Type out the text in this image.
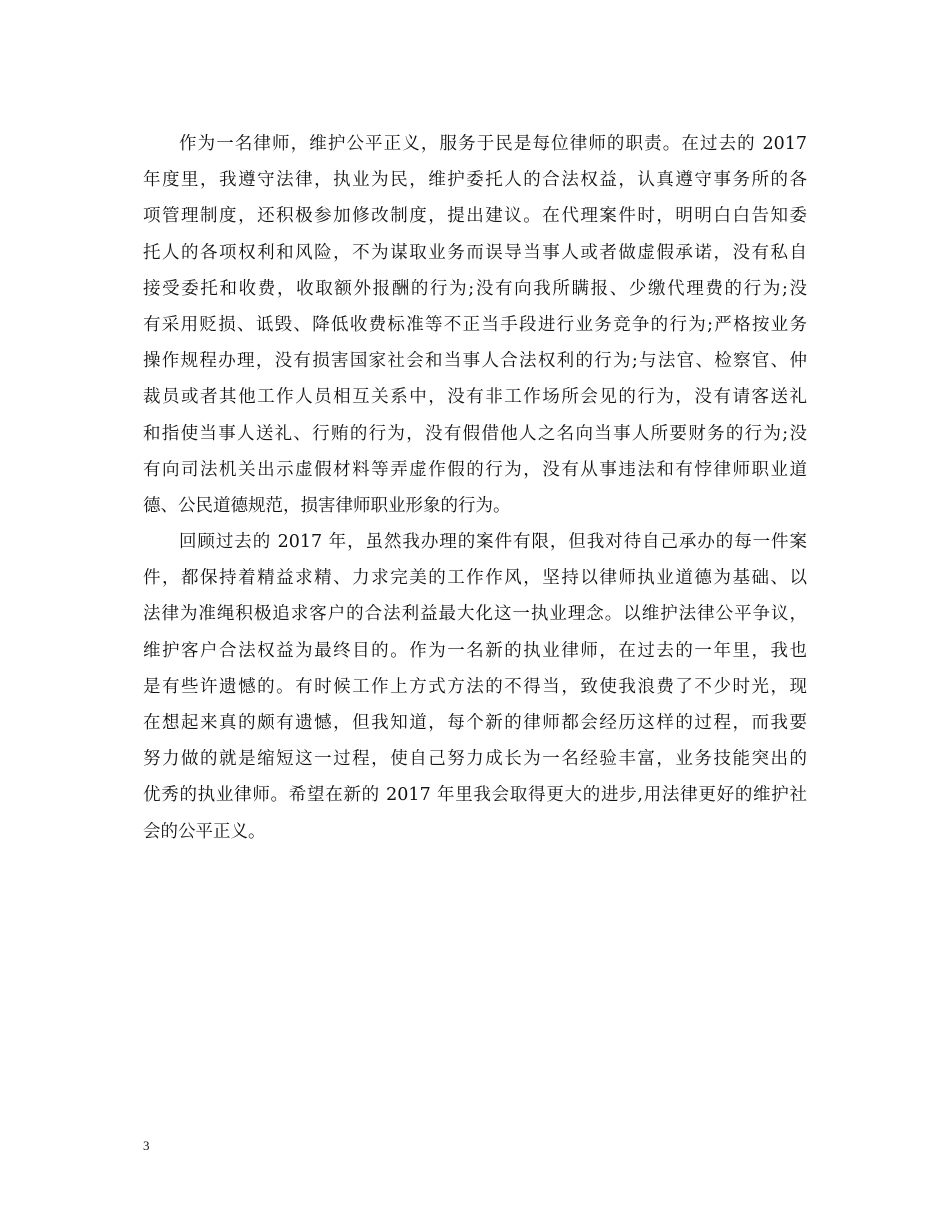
作为一名律师，维护公平正义，服务于民是每位律师的职责。在过去的 2017
年度里，我遵守法律，执业为民，维护委托人的合法权益，认真遵守事务所的各
项管理制度，还积极参加修改制度，提出建议。在代理案件时，明明白白告知委
托人的各项权利和风险，不为谋取业务而误导当事人或者做虚假承诺，没有私自
接受委托和收费，收取额外报酬的行为;没有向我所瞒报、少缴代理费的行为;没
有采用贬损、诋毁、降低收费标准等不正当手段进行业务竞争的行为;严格按业务
操作规程办理，没有损害国家社会和当事人合法权利的行为;与法官、检察官、仲
裁员或者其他工作人员相互关系中，没有非工作场所会见的行为，没有请客送礼
和指使当事人送礼、行贿的行为，没有假借他人之名向当事人所要财务的行为;没
有向司法机关出示虚假材料等弄虚作假的行为，没有从事违法和有悖律师职业道
德、公民道德规范，损害律师职业形象的行为。
回顾过去的 2017 年，虽然我办理的案件有限，但我对待自己承办的每一件案
件，都保持着精益求精、力求完美的工作作风，坚持以律师执业道德为基础、以
法律为准绳积极追求客户的合法利益最大化这一执业理念。以维护法律公平争议，
维护客户合法权益为最终目的。作为一名新的执业律师，在过去的一年里，我也
是有些许遗憾的。有时候工作上方式方法的不得当，致使我浪费了不少时光，现
在想起来真的颇有遗憾，但我知道，每个新的律师都会经历这样的过程，而我要
努力做的就是缩短这一过程，使自己努力成长为一名经验丰富，业务技能突出的
优秀的执业律师。希望在新的 2017 年里我会取得更大的进步,用法律更好的维护社
会的公平正义。
3
